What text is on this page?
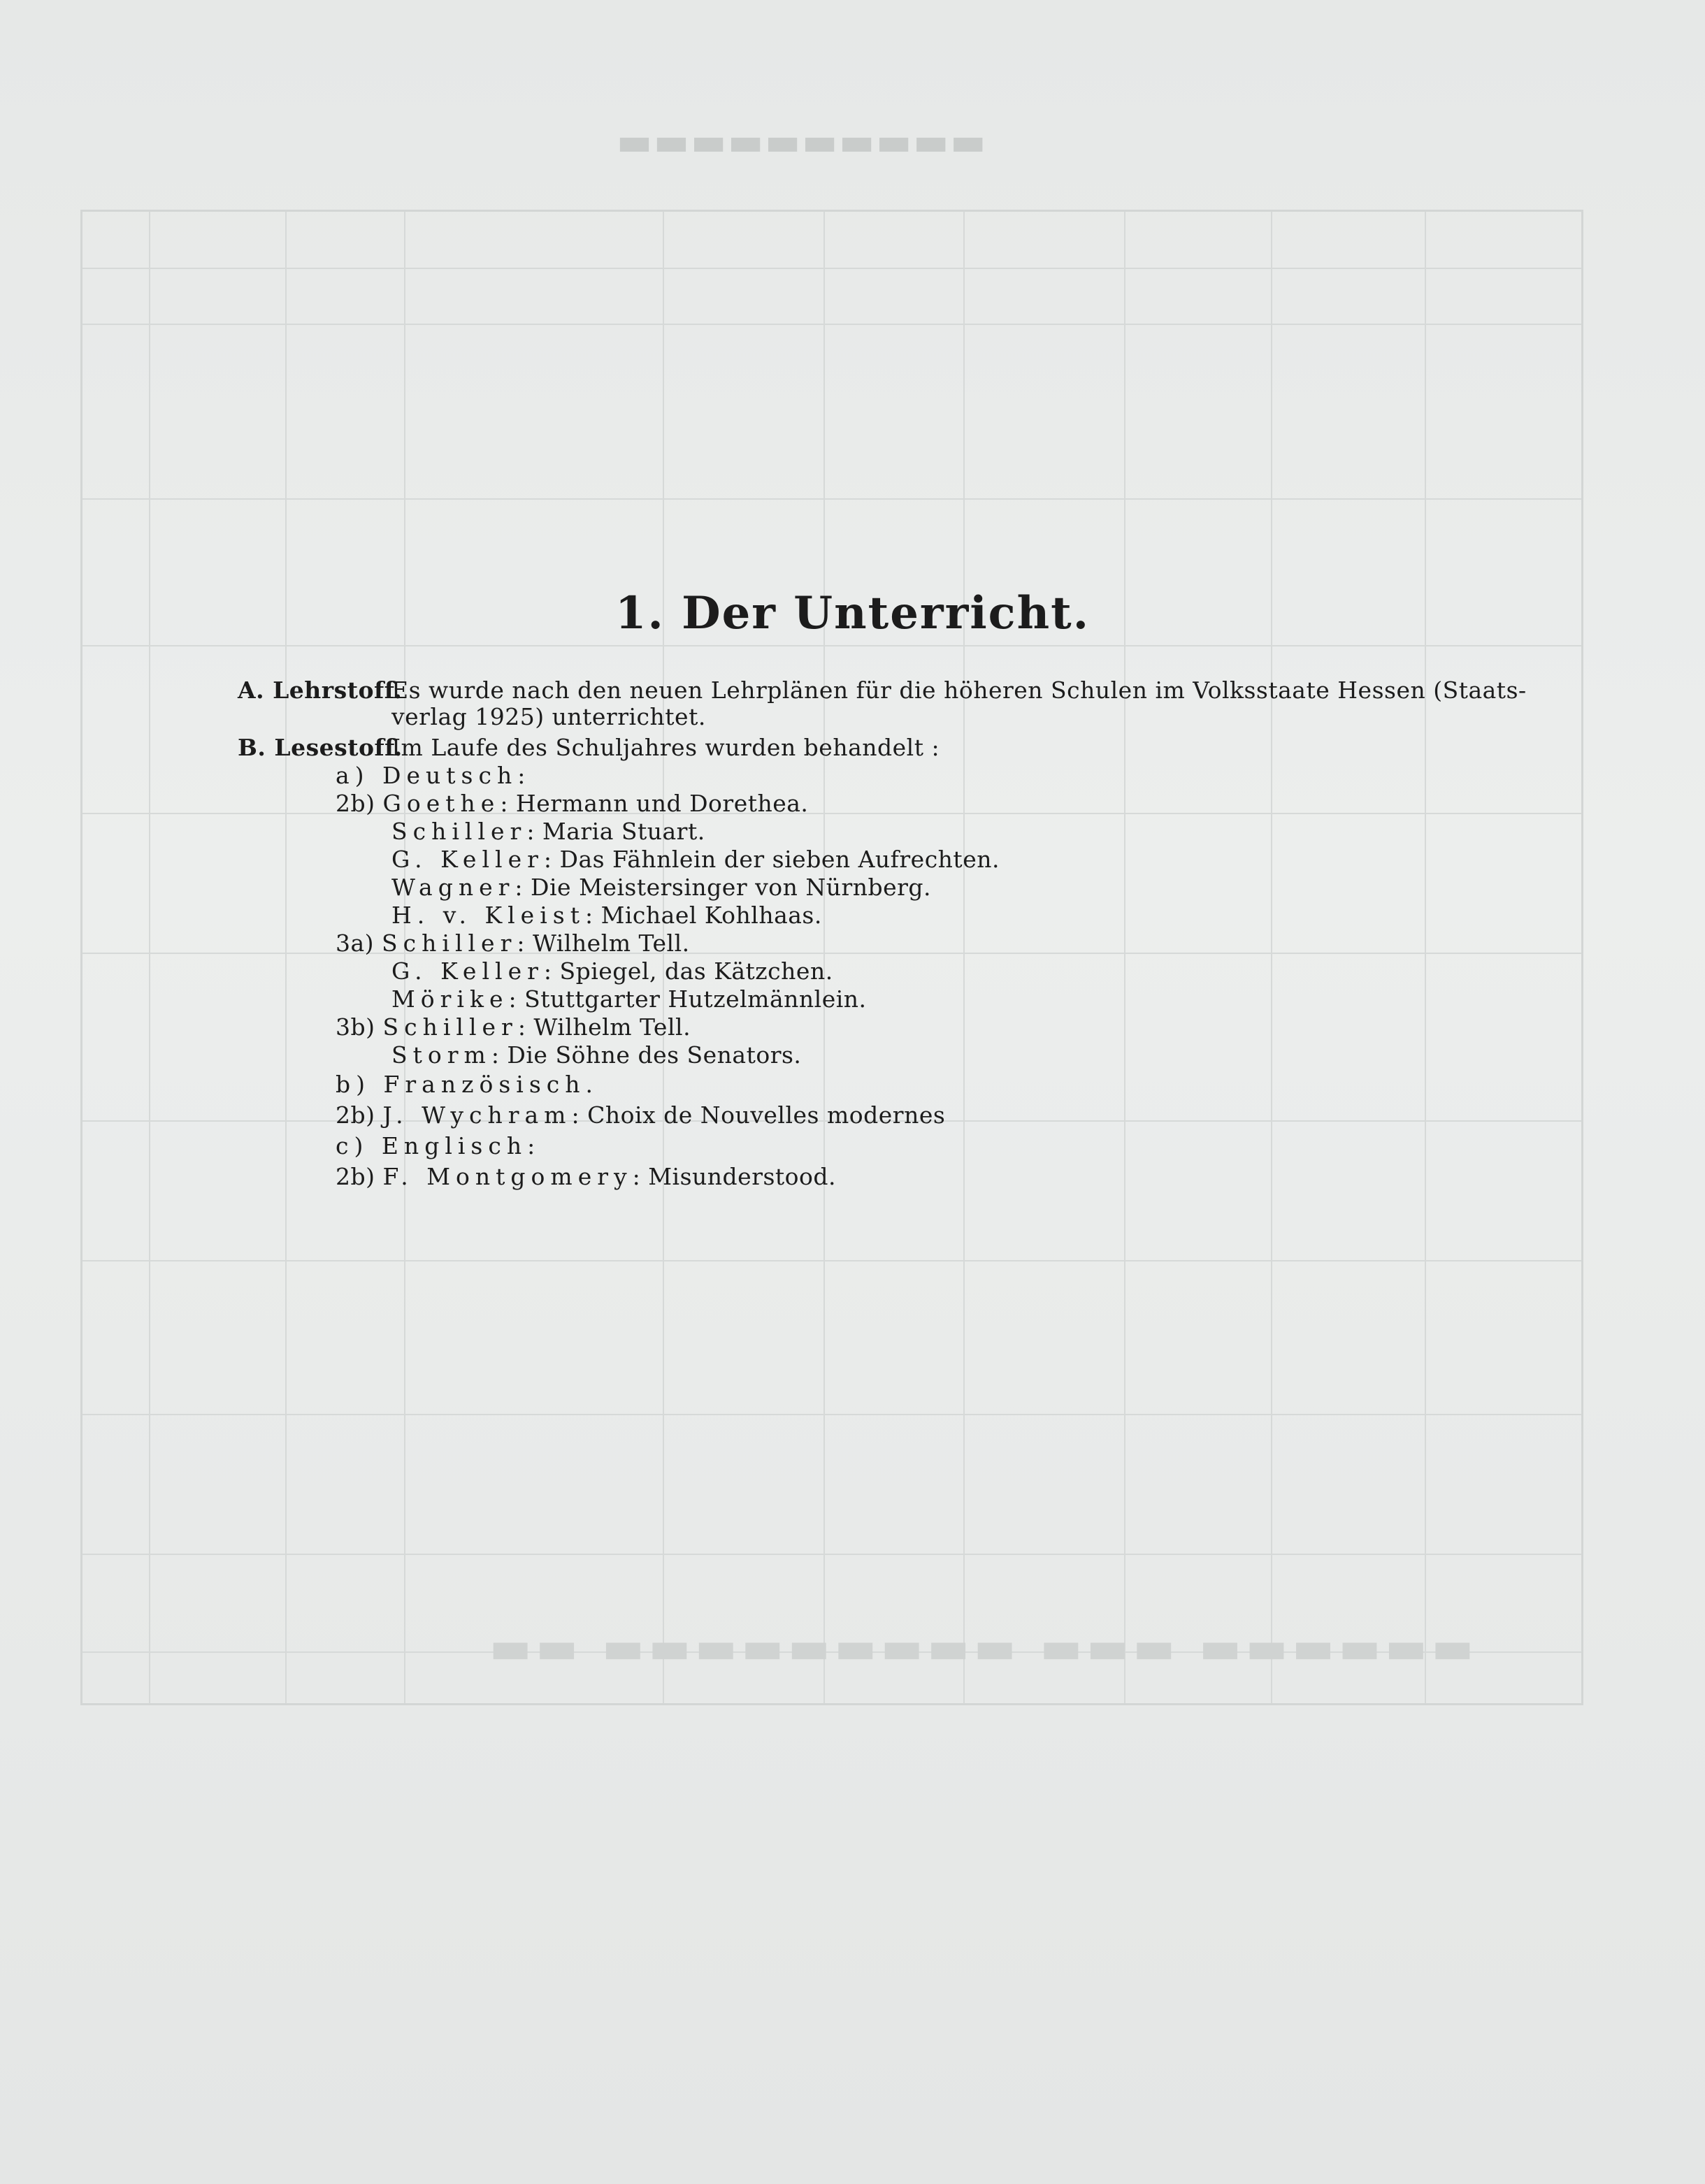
▬▬▬▬▬▬▬▬▬▬
▬▬ ▬▬▬▬▬▬▬▬▬ ▬▬▬ ▬▬▬▬▬▬
1. Der Unterricht.
A. Lehrstoff.Es wurde nach den neuen Lehrplänen für die höheren Schulen im Volksstaate Hessen (Staats-
verlag 1925) unterrichtet.
B. Lesestoff.Im Laufe des Schuljahres wurden behandelt :
a) Deutsch:
2b) Goethe: Hermann und Dorethea.
Schiller: Maria Stuart.
G. Keller: Das Fähnlein der sieben Aufrechten.
Wagner: Die Meistersinger von Nürnberg.
H. v. Kleist: Michael Kohlhaas.
3a) Schiller: Wilhelm Tell.
G. Keller: Spiegel, das Kätzchen.
Mörike: Stuttgarter Hutzelmännlein.
3b) Schiller: Wilhelm Tell.
Storm: Die Söhne des Senators.
b) Französisch.
2b) J. Wychram: Choix de Nouvelles modernes
c) Englisch:
2b) F. Montgomery: Misunderstood.
